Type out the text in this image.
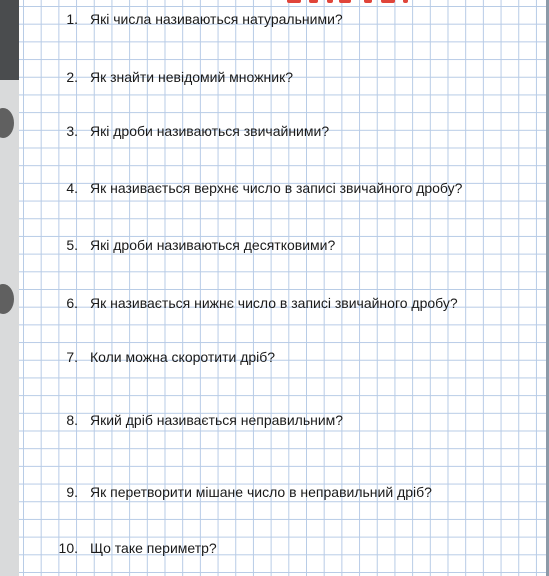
1. Які числа називаються натуральними?
2. Як знайти невідомий множник?
3. Які дроби називаються звичайними?
4. Як називається верхнє число в записі звичайного дробу?
5. Які дроби називаються десятковими?
6. Як називається нижнє число в записі звичайного дробу?
7. Коли можна скоротити дріб?
8. Який дріб називається неправильним?
9. Як перетворити мішане число в неправильний дріб?
10. Що таке периметр?
